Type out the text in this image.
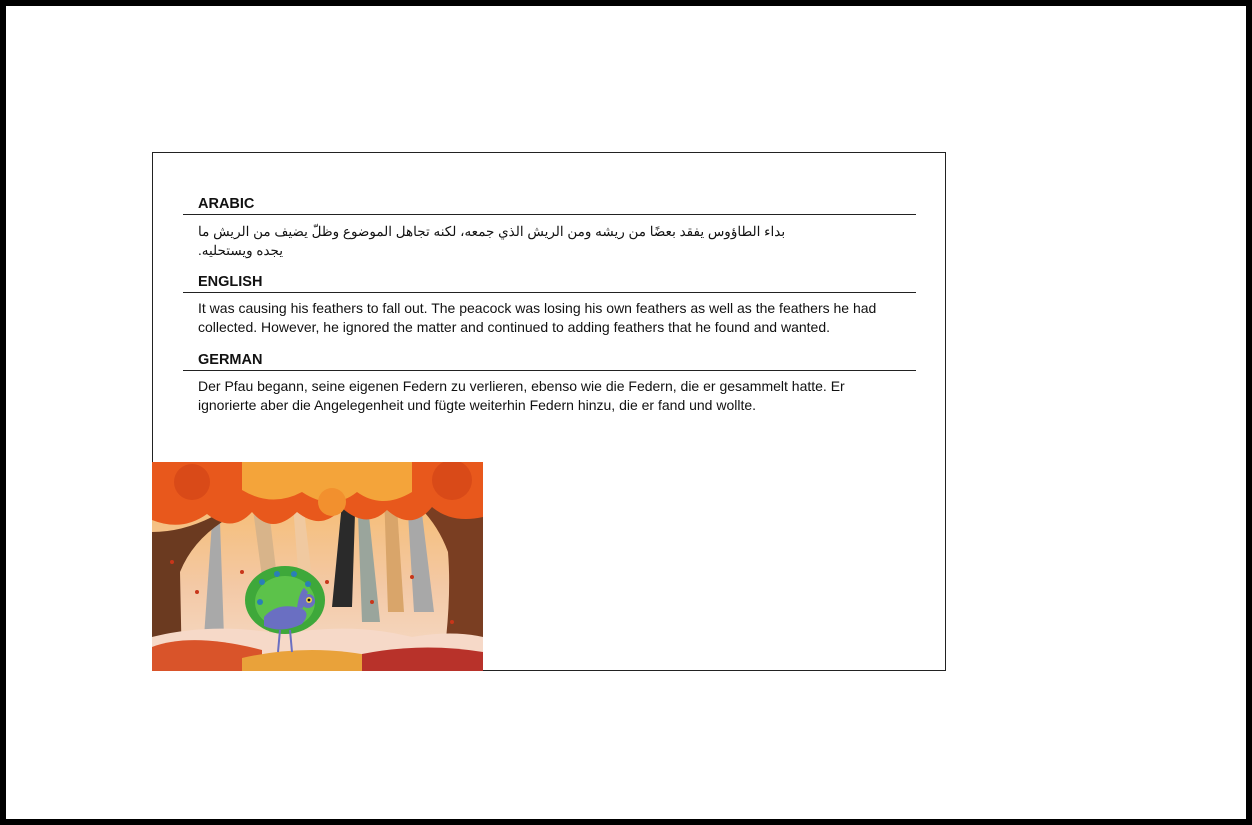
ARABIC
بداء الطاؤوس يفقد بعضًا من ريشه ومن الريش الذي جمعه، لكنه تجاهل الموضوع وظلّ يضيف من الريش ما يجده ويستحليه.
ENGLISH
It was causing his feathers to fall out. The peacock was losing his own feathers as well as the feathers he had collected. However, he ignored the matter and continued to adding feathers that he found and wanted.
GERMAN
Der Pfau begann, seine eigenen Federn zu verlieren, ebenso wie die Federn, die er gesammelt hatte. Er ignorierte aber die Angelegenheit und fügte weiterhin Federn hinzu, die er fand und wollte.
